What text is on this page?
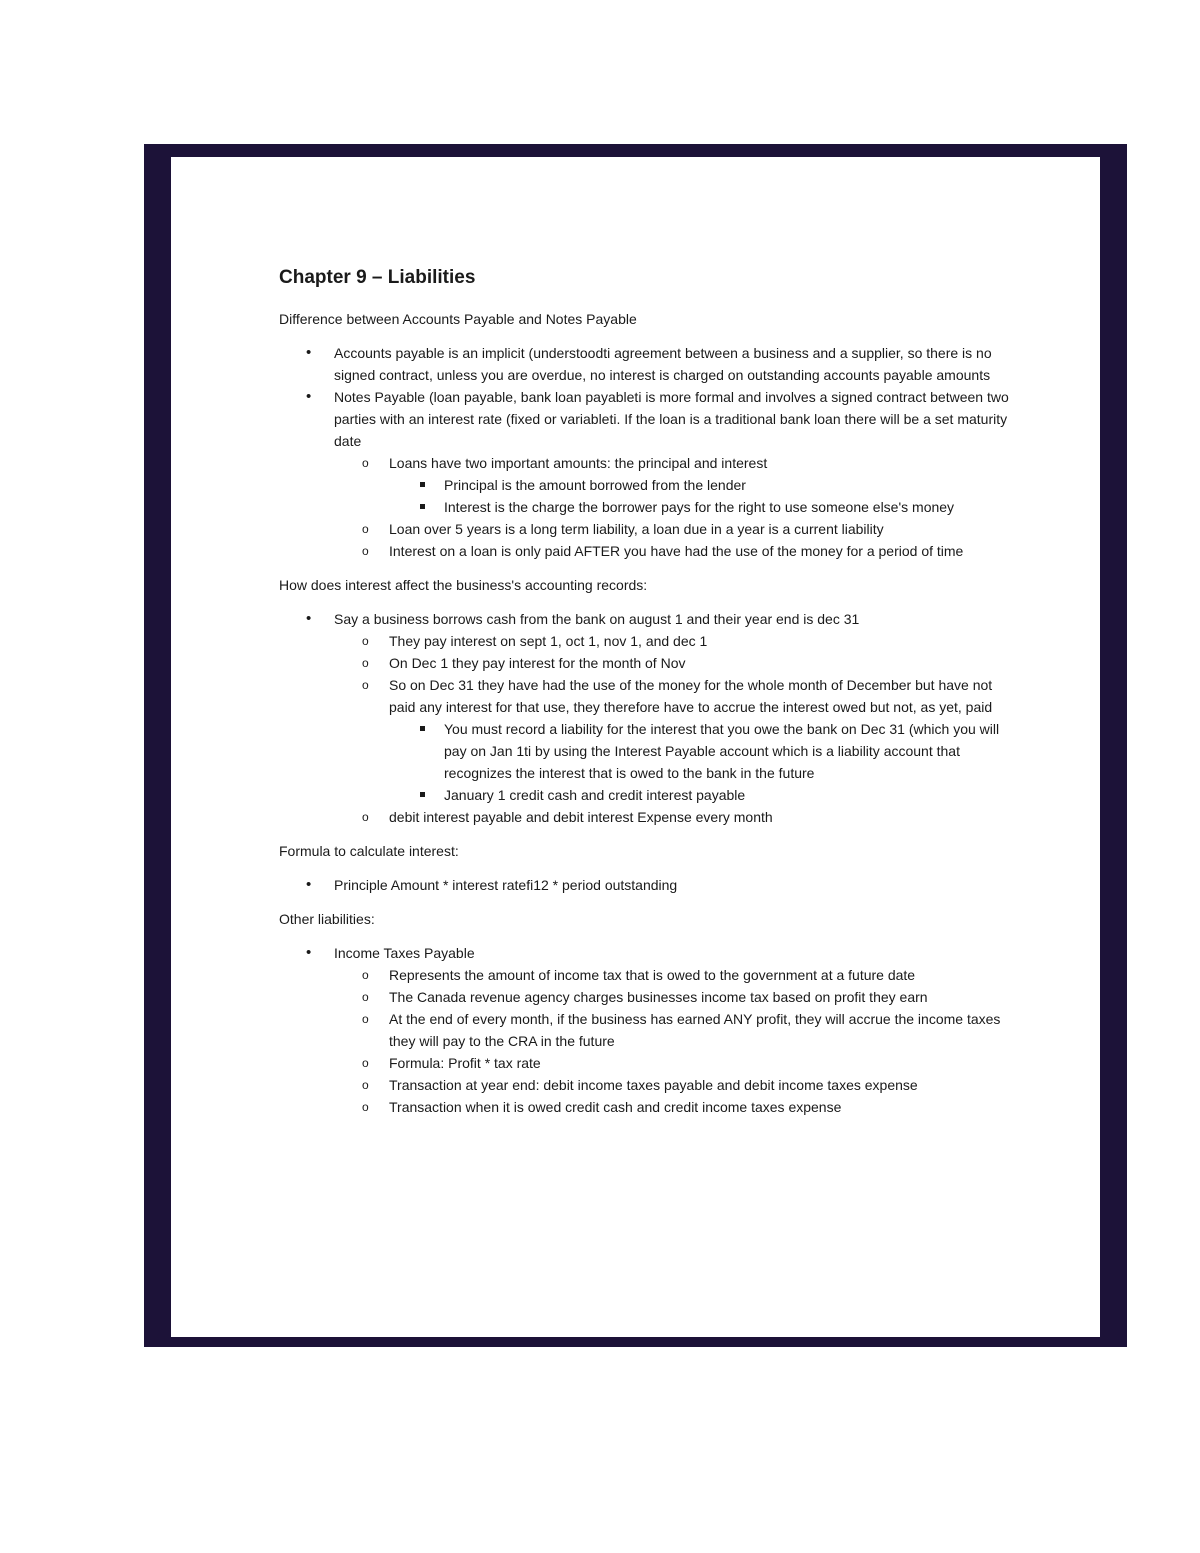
Chapter 9 – Liabilities

Difference between Accounts Payable and Notes Payable

• Accounts payable is an implicit (understoodti agreement between a business and a supplier, so there is no signed contract, unless you are overdue, no interest is charged on outstanding accounts payable amounts
• Notes Payable (loan payable, bank loan payableti is more formal and involves a signed contract between two parties with an interest rate (fixed or variableti. If the loan is a traditional bank loan there will be a set maturity date
o Loans have two important amounts: the principal and interest
Principal is the amount borrowed from the lender
Interest is the charge the borrower pays for the right to use someone else's money
o Loan over 5 years is a long term liability, a loan due in a year is a current liability
o Interest on a loan is only paid AFTER you have had the use of the money for a period of time

How does interest affect the business's accounting records:

• Say a business borrows cash from the bank on august 1 and their year end is dec 31
o They pay interest on sept 1, oct 1, nov 1, and dec 1
o On Dec 1 they pay interest for the month of Nov
o So on Dec 31 they have had the use of the money for the whole month of December but have not paid any interest for that use, they therefore have to accrue the interest owed but not, as yet, paid
You must record a liability for the interest that you owe the bank on Dec 31 (which you will pay on Jan 1ti by using the Interest Payable account which is a liability account that recognizes the interest that is owed to the bank in the future
January 1 credit cash and credit interest payable
o debit interest payable and debit interest Expense every month

Formula to calculate interest:

• Principle Amount * interest ratefi12 * period outstanding

Other liabilities:

• Income Taxes Payable
o Represents the amount of income tax that is owed to the government at a future date
o The Canada revenue agency charges businesses income tax based on profit they earn
o At the end of every month, if the business has earned ANY profit, they will accrue the income taxes they will pay to the CRA in the future
o Formula: Profit * tax rate
o Transaction at year end: debit income taxes payable and debit income taxes expense
o Transaction when it is owed credit cash and credit income taxes expense
